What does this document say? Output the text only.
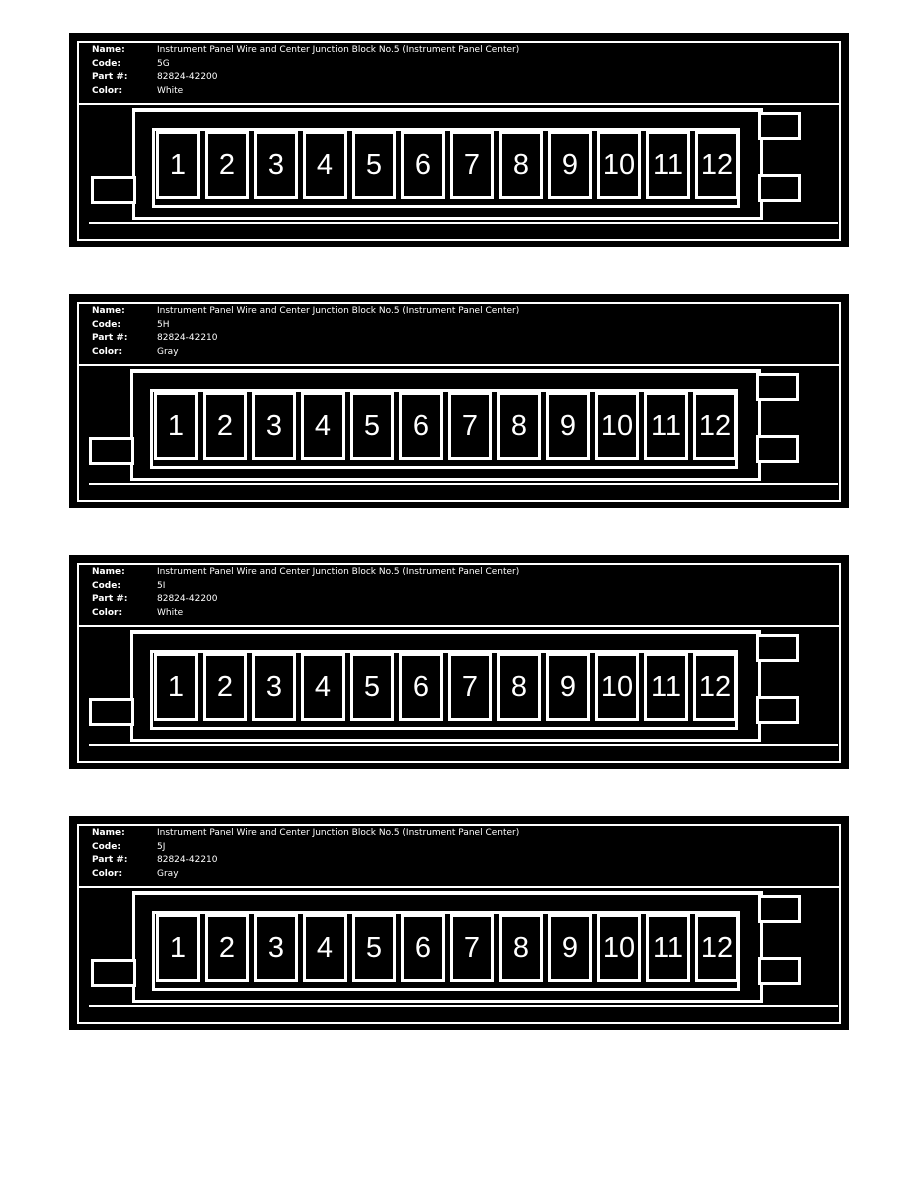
Name:	Instrument Panel Wire and Center Junction Block No.5 (Instrument Panel Center)
Code:	5G
Part #:	82824-42200
Color:	White
1	2	3	4	5	6	7	8	9 10 11 12
Name:	Instrument Panel Wire and Center Junction Block No.5 (Instrument Panel Center)
Code:	5H
Part #:	82824-42210
Color:	Gray
1	2	3	4	5	6	7	8	9 10 11 12
Name:	Instrument Panel Wire and Center Junction Block No.5 (Instrument Panel Center)
Code:	5I
Part #:	82824-42200
Color:	White
1	2	3	4	5	6	7	8	9 10 11 12
Name:	Instrument Panel Wire and Center Junction Block No.5 (Instrument Panel Center)
Code:	5J
Part #:	82824-42210
Color:	Gray
1	2	3	4	5	6	7	8	9 10 11 12
